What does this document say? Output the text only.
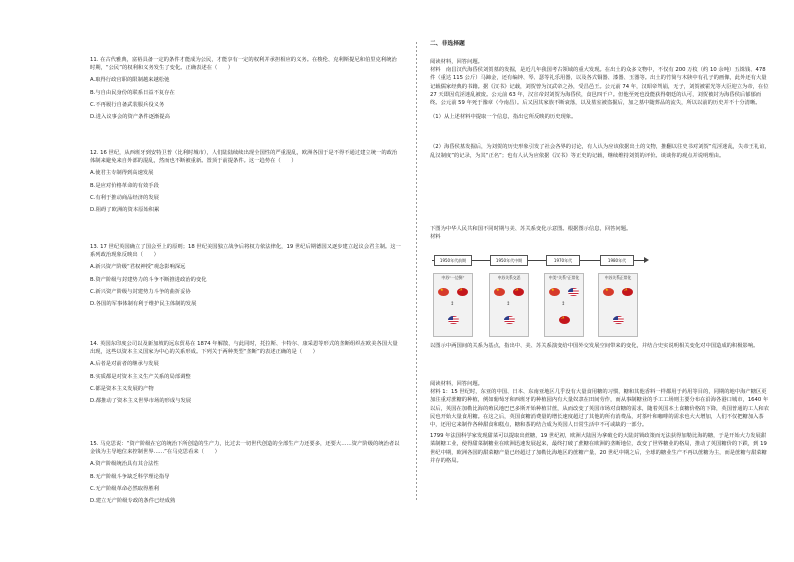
11. 在古代雅典，富裕具备一定的条件才能成为公民，才能享有一定的权利并承担相应的义务。在梭伦、克利斯提尼和伯里克利统治时期，“公民”的权利和义务发生了变化。正确表述在（　　）

A.取得行政官职的限制越来越松弛

B.与自由民身份的联系日益不复存在

C.不再履行自备武装服兵役义务

D.进入议事会的资产条件逐渐提高

12. 16 世纪，从西班牙到安特卫普（比利时城市），人们陆陆续续出现全国性的严重混乱，欧洲各国于是不得不通过建立统一的政治体制来避免来自外部的混乱，然而也不断被重新。置顶于前提条件。这一趋势在（　　）

A.使君主专制得到高速发展

B.是应对价格革命的有效手段

C.有利于推动商品经济的发展

D.阻碍了欧洲的资本原始积累

13. 17 世纪英国确立了国会至上的原则；18 世纪美国独立战争后将权力依法律化，19 世纪后期德国又逐步建立起议会君主制。这一系列政治现象反映出（　　）

A.新兴资产阶级“君权神授”观念影响深远

B.资产阶级与封建势力的斗争不断推进政治的变化

C.新兴资产阶级与封建势力斗争的曲折妥协

D.各国的军事体制有利于维护民主体制的发展

14. 英国东印度公司以及新加坡的远东贸易在 1874 年解散，与此同时，托拉斯、卡特尔、康采恩等形式的垄断组织在欧美各国大量出现，这些以资本主义国家为中心的关系形成。下列关于两种类型“垄断”的表述正确的是（　　）

A.后者是对前者的继承与发展

B.实质都是对资本主义生产关系的局部调整

C.都是资本主义发展的产物

D.都推动了资本主义世界市场的形成与发展

15. 马克思说：“资产阶级在它的统治下所创造的生产力，比过去一切世代创造的全部生产力还要多，还要大……资产阶级的统治者以金钱为主导地位来控制世界……”在马克思看来（　　）

A.资产阶级统治具有其合法性

B.无产阶级斗争缺乏科学理论指导

C.无产阶级革命必然取得胜利

D.建立无产阶级专政的条件已经成熟

二、非选择题

阅读材料，回答问题。

材料　南昌汉代海昏侯刘贺墓的发掘，是近几年我国考古领域的重大发现。在出土的众多文物中，不仅有 200 万枚（约 10 余吨）五铢钱、478 件（重达 115 公斤）马蹄金，还有编钟、琴、瑟等礼乐用器，以及各式铜器、漆器、玉器等。出土的竹简与木牍中有孔子的画像，此外还有大量记载儒家经典的书籍。据《汉书》记载，刘贺曾为汉武帝之孙，受昌邑王。公元前 74 年，汉昭帝驾崩，无子，刘贺被霍光等大臣迎立为帝，在位 27 天即因荒淫迷乱被废。公元前 63 年，汉宣帝封刘贺为海昏侯，食邑四千户。但他至死也没能获得朝廷的认可，刘贺被封为海昏侯后郁郁而终。公元前 59 年死于豫章（今南昌）。后又因其家族不断衰落，以及墓室被盗掘后，加之墓中随葬品的流失，所以以前的历史并不十分清晰。

（1）从上述材料中提取一个信息，指出它所反映的历史现象。

（2）海昏侯墓发掘后，为刘贺的历史形象引发了社会各界的讨论，有人认为应该依据出土的文物，推翻以往史书对刘贺“荒淫迷乱，失帝王礼谊，乱汉制度”的记录，为其“正名”；也有人认为应依据《汉书》等正史的记载，继续维持刘贺的评价。谈谈你的观点并说明理由。

下图为中华人民共和国不同时期与美、苏关系变化示意图。根据图示信息，回答问题。

材料

1950年代前期	1950年代中期	1970年代	1980年代
中苏“一边倒”
★
☭
↕
中苏关系交恶
★
☭
↕
中美“关系”正常化
★
↕
☭
中苏关系正常化
★
☭

以图示中两国间的关系为基点，指出中、美、苏关系演变给中国外交发展空间带来的变化，并结合史实说明相关变化对中国造成的积极影响。

阅读材料，回答问题。

材料 1：15 世纪时，东亚的中国、日本、东南亚地区几乎没有大量食用糖的习惯，糖和其他香料一样都用于药用等目的，同期的地中海产糖区更加注重对蔗糖的种植，例如葡萄牙和西班牙的种植园内有大量奴隶在田间劳作，而从事制糖业的手工工场则主要分布在沿海各港口城市，1640 年以后，英国在加勒比海的殖民地巴巴多斯开始种植甘蔗，从而改变了英国市场对食糖的需求，随着英国本土食糖价格的下降，英国普通的工人和农民也开始大量食用糖。在这之后，英国食糖消费量的增长速度超过了其他的所有消费品，对茶叶和咖啡的需求也大大增加，人们不仅把糖加入茶中，还用它来制作各种甜食和糕点，糖和茶的结合成为英国人日常生活中不可或缺的一部分。

1799 年法国科学家发现甜菜可以提取出蔗糖，19 世纪初，欧洲大陆因为拿破仑的大陆封锁政策而无法获得加勒比海的糖，于是开始大力发展甜菜制糖工业，使得甜菜制糖业在欧洲迅速发展起来，最终打破了蔗糖在欧洲的垄断地位，改变了世界糖业的格局，推动了英国糖价的下跌，到 19 世纪中期，欧洲各国的甜菜糖产量已经超过了加勒比海地区的蔗糖产量，20 世纪中期之后，全球的糖业生产不再以蔗糖为主，而是蔗糖与甜菜糖并存的格局。
